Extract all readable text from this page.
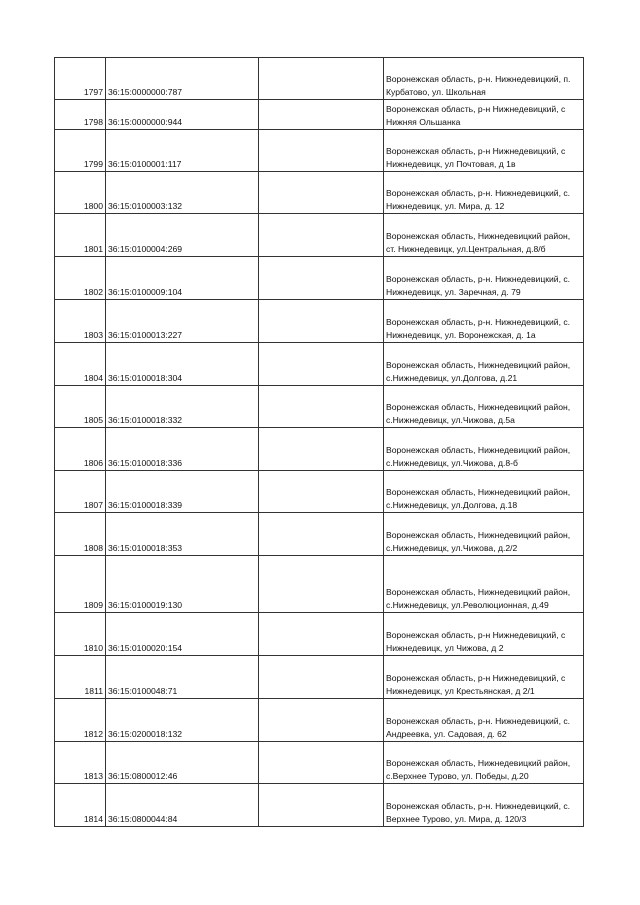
1797	36:15:0000000:787		Воронежская область, р-н. Нижнедевицкий, п. Курбатово, ул. Школьная
1798	36:15:0000000:944		Воронежская область, р-н Нижнедевицкий, с Нижняя Ольшанка
1799	36:15:0100001:117		Воронежская область, р-н Нижнедевицкий, с Нижнедевицк, ул Почтовая, д 1в
1800	36:15:0100003:132		Воронежская область, р-н. Нижнедевицкий, с. Нижнедевицк, ул. Мира, д. 12
1801	36:15:0100004:269		Воронежская область, Нижнедевицкий район, ст. Нижнедевицк, ул.Центральная, д.8/б
1802	36:15:0100009:104		Воронежская область, р-н. Нижнедевицкий, с. Нижнедевицк, ул. Заречная, д. 79
1803	36:15:0100013:227		Воронежская область, р-н. Нижнедевицкий, с. Нижнедевицк, ул. Воронежская, д. 1а
1804	36:15:0100018:304		Воронежская область, Нижнедевицкий район, с.Нижнедевицк, ул.Долгова, д.21
1805	36:15:0100018:332		Воронежская область, Нижнедевицкий район, с.Нижнедевицк, ул.Чижова, д.5а
1806	36:15:0100018:336		Воронежская область, Нижнедевицкий район, с.Нижнедевицк, ул.Чижова, д.8-б
1807	36:15:0100018:339		Воронежская область, Нижнедевицкий район, с.Нижнедевицк, ул.Долгова, д.18
1808	36:15:0100018:353		Воронежская область, Нижнедевицкий район, с.Нижнедевицк, ул.Чижова, д.2/2
1809	36:15:0100019:130		Воронежская область, Нижнедевицкий район, с.Нижнедевицк, ул.Революционная, д.49
1810	36:15:0100020:154		Воронежская область, р-н Нижнедевицкий, с Нижнедевицк, ул Чижова, д 2
1811	36:15:0100048:71		Воронежская область, р-н Нижнедевицкий, с Нижнедевицк, ул Крестьянская, д 2/1
1812	36:15:0200018:132		Воронежская область, р-н. Нижнедевицкий, с. Андреевка, ул. Садовая, д. 62
1813	36:15:0800012:46		Воронежская область, Нижнедевицкий район, с.Верхнее Турово, ул. Победы, д.20
1814	36:15:0800044:84		Воронежская область, р-н. Нижнедевицкий, с. Верхнее Турово, ул. Мира, д. 120/3
